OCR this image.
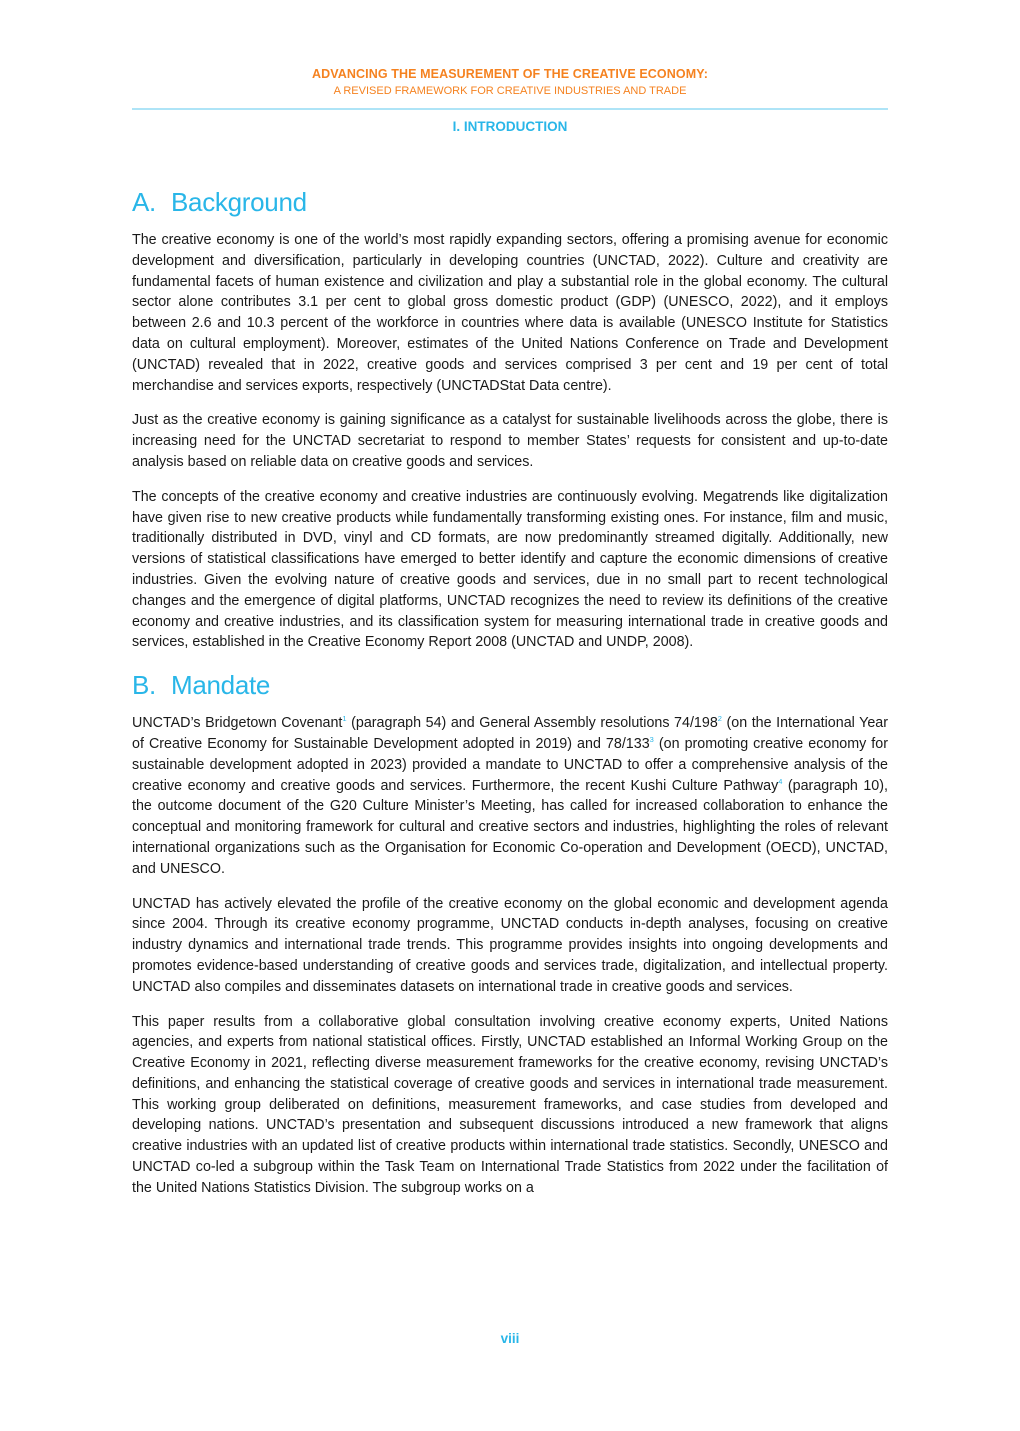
ADVANCING THE MEASUREMENT OF THE CREATIVE ECONOMY:
A REVISED FRAMEWORK FOR CREATIVE INDUSTRIES AND TRADE
I. INTRODUCTION
A. Background

The creative economy is one of the world’s most rapidly expanding sectors, offering a promising avenue for economic development and diversification, particularly in developing countries (UNCTAD, 2022). Culture and creativity are fundamental facets of human existence and civilization and play a substantial role in the global economy. The cultural sector alone contributes 3.1 per cent to global gross domestic product (GDP) (UNESCO, 2022), and it employs between 2.6 and 10.3 percent of the workforce in countries where data is available (UNESCO Institute for Statistics data on cultural employment). Moreover, estimates of the United Nations Conference on Trade and Development (UNCTAD) revealed that in 2022, creative goods and services comprised 3 per cent and 19 per cent of total merchandise and services exports, respectively (UNCTADStat Data centre).

Just as the creative economy is gaining significance as a catalyst for sustainable livelihoods across the globe, there is increasing need for the UNCTAD secretariat to respond to member States’ requests for consistent and up-to-date analysis based on reliable data on creative goods and services.

The concepts of the creative economy and creative industries are continuously evolving. Megatrends like digitalization have given rise to new creative products while fundamentally transforming existing ones. For instance, film and music, traditionally distributed in DVD, vinyl and CD formats, are now predominantly streamed digitally. Additionally, new versions of statistical classifications have emerged to better identify and capture the economic dimensions of creative industries. Given the evolving nature of creative goods and services, due in no small part to recent technological changes and the emergence of digital platforms, UNCTAD recognizes the need to review its definitions of the creative economy and creative industries, and its classification system for measuring international trade in creative goods and services, established in the Creative Economy Report 2008 (UNCTAD and UNDP, 2008).

B. Mandate

UNCTAD’s Bridgetown Covenant$^1$ (paragraph 54) and General Assembly resolutions 74/198$^2$ (on the International Year of Creative Economy for Sustainable Development adopted in 2019) and 78/133$^3$ (on promoting creative economy for sustainable development adopted in 2023) provided a mandate to UNCTAD to offer a comprehensive analysis of the creative economy and creative goods and services. Furthermore, the recent Kushi Culture Pathway$^4$ (paragraph 10), the outcome document of the G20 Culture Minister’s Meeting, has called for increased collaboration to enhance the conceptual and monitoring framework for cultural and creative sectors and industries, highlighting the roles of relevant international organizations such as the Organisation for Economic Co-operation and Development (OECD), UNCTAD, and UNESCO.

UNCTAD has actively elevated the profile of the creative economy on the global economic and development agenda since 2004. Through its creative economy programme, UNCTAD conducts in-depth analyses, focusing on creative industry dynamics and international trade trends. This programme provides insights into ongoing developments and promotes evidence-based understanding of creative goods and services trade, digitalization, and intellectual property. UNCTAD also compiles and disseminates datasets on international trade in creative goods and services.

This paper results from a collaborative global consultation involving creative economy experts, United Nations agencies, and experts from national statistical offices. Firstly, UNCTAD established an Informal Working Group on the Creative Economy in 2021, reflecting diverse measurement frameworks for the creative economy, revising UNCTAD’s definitions, and enhancing the statistical coverage of creative goods and services in international trade measurement. This working group deliberated on definitions, measurement frameworks, and case studies from developed and developing nations. UNCTAD’s presentation and subsequent discussions introduced a new framework that aligns creative industries with an updated list of creative products within international trade statistics. Secondly, UNESCO and UNCTAD co-led a subgroup within the Task Team on International Trade Statistics from 2022 under the facilitation of the United Nations Statistics Division. The subgroup works on a

viii
